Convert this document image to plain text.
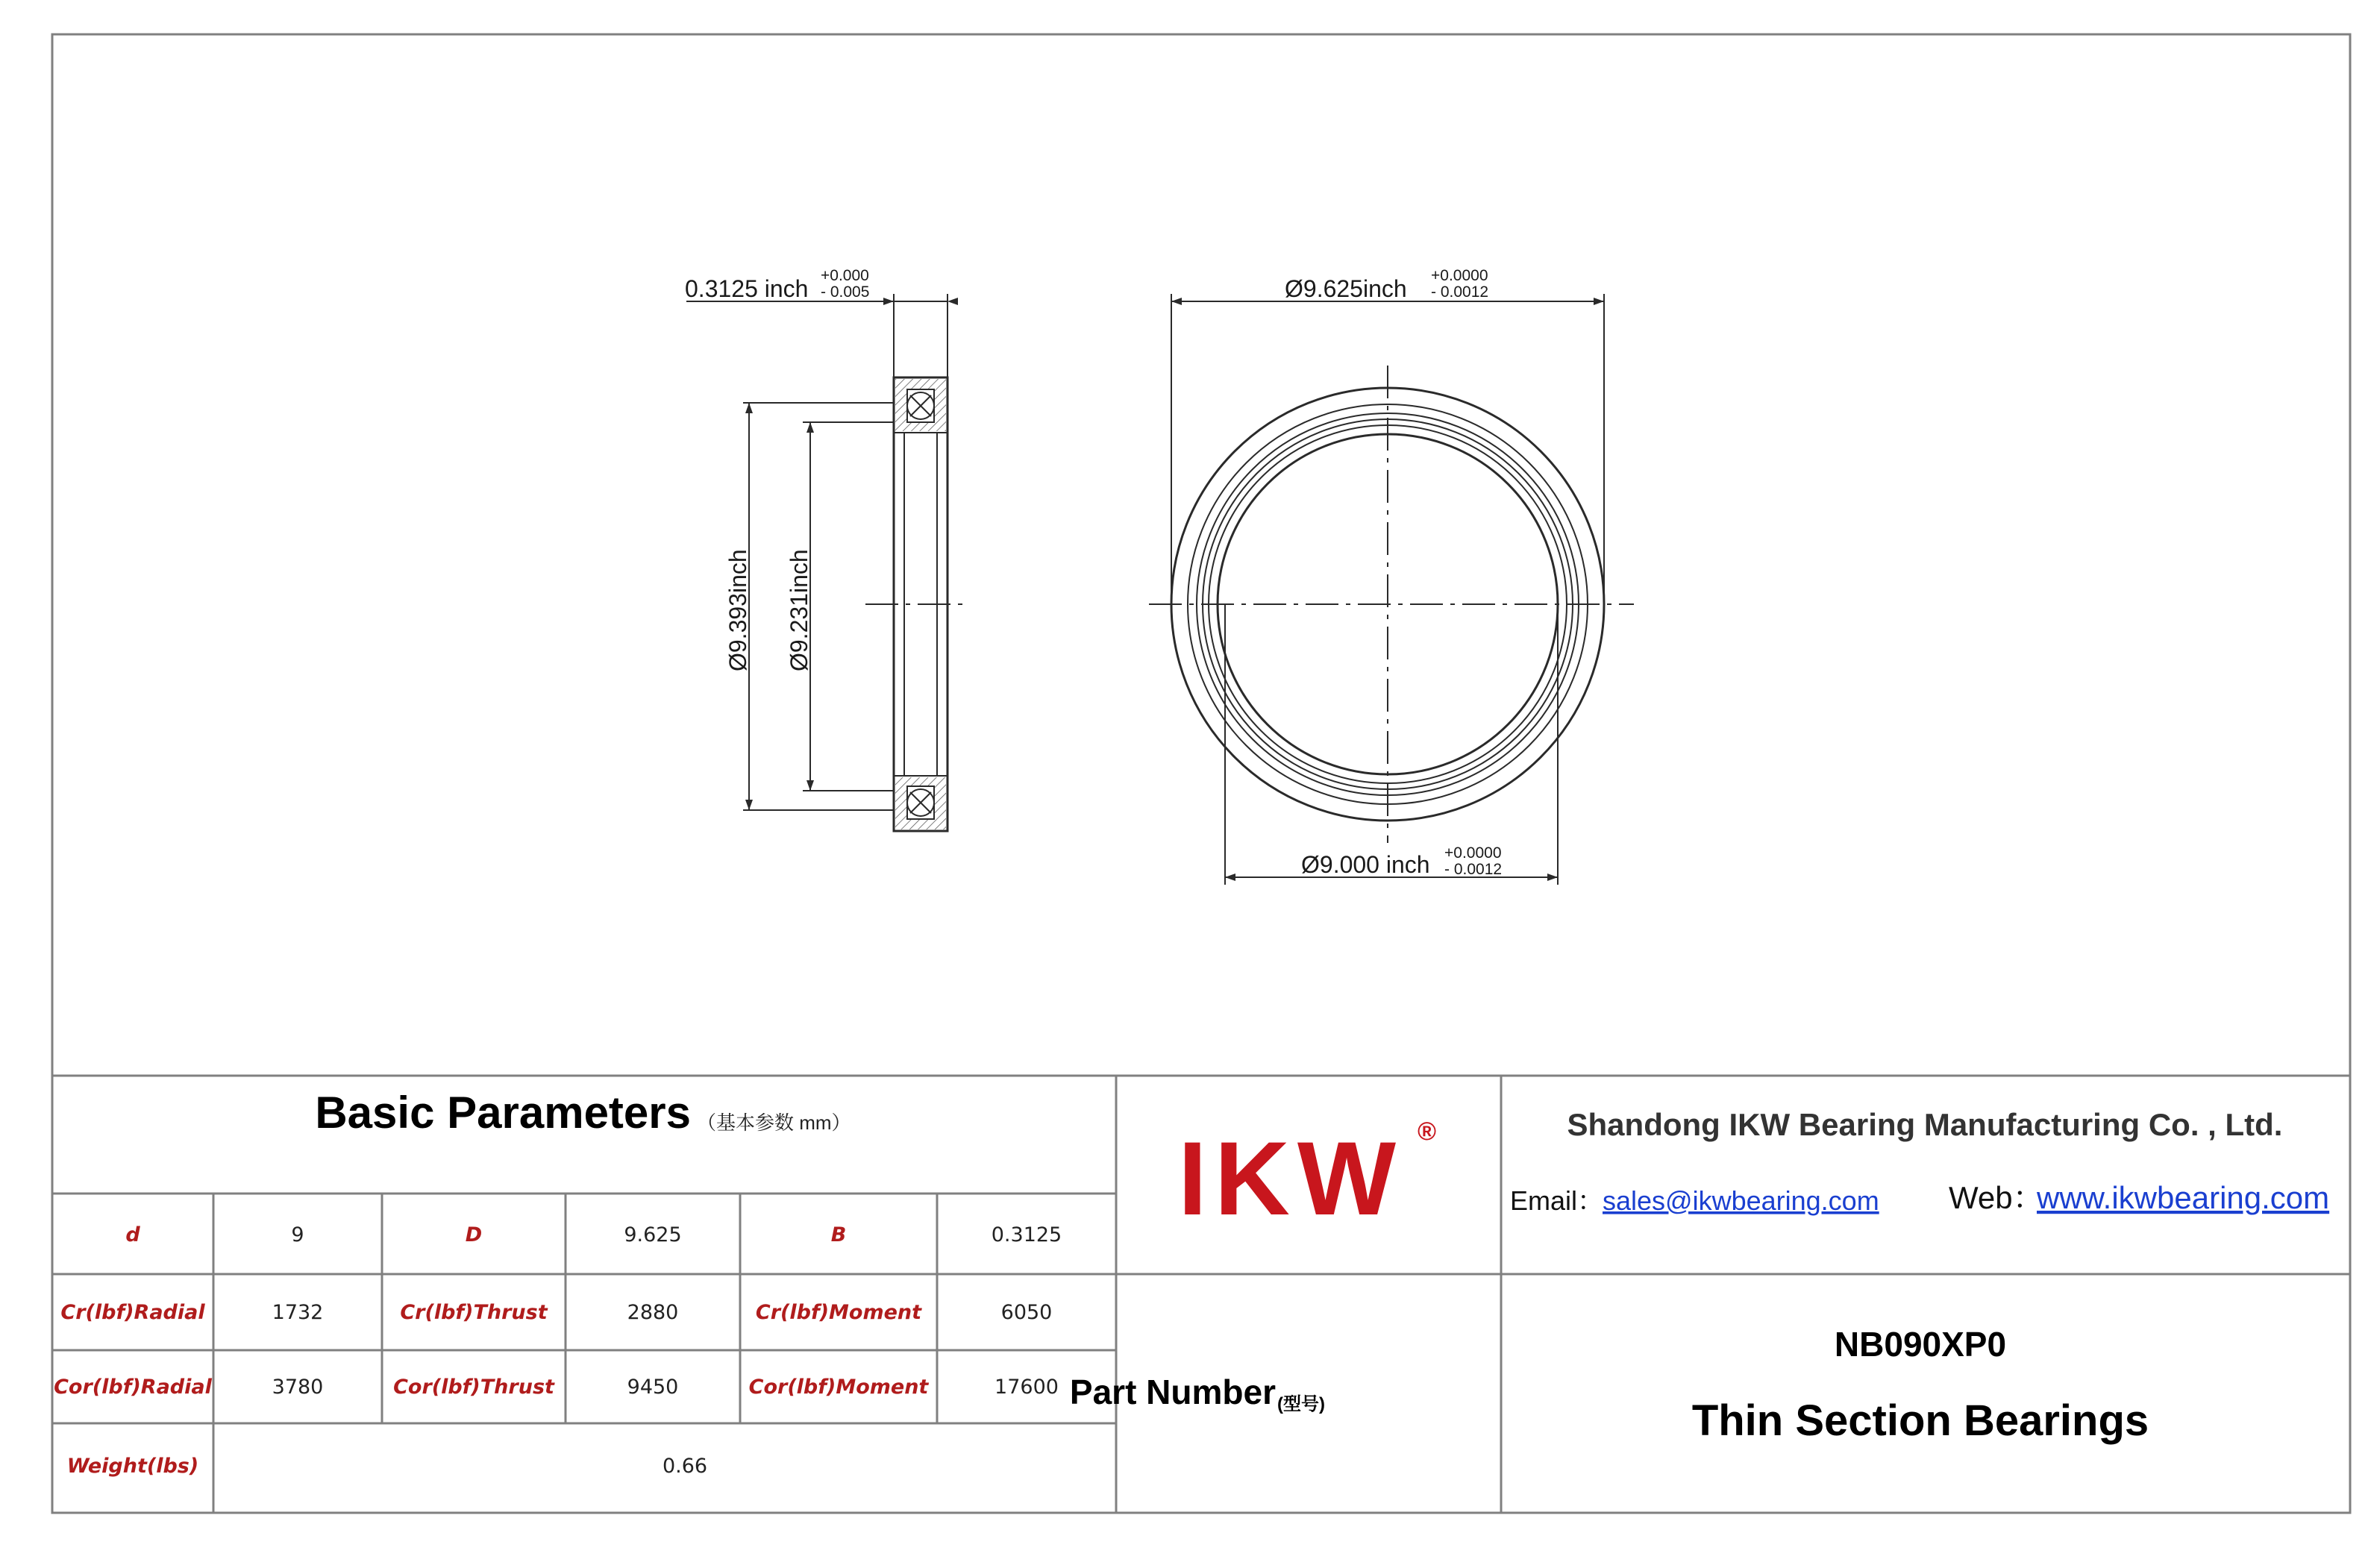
0.3125 inch +0.000
- 0.005
Ø9.393inch Ø9.231inch
Ø9.625inch +0.0000
- 0.0012
Ø9.000 inch +0.0000
- 0.0012
Basic Parameters （基本参数 mm）
d	9	D	9.625	B	0.3125
Cr(lbf)Radial	1732	Cr(lbf)Thrust	2880	Cr(lbf)Moment	6050
Cor(lbf)Radial	3780	Cor(lbf)Thrust	9450	Cor(lbf)Moment	17600
Weight(lbs)	0.66
IKW ®
Part Number (型号)
Shandong IKW Bearing Manufacturing Co. , Ltd.
Email：
sales@ikwbearing.com Web：
www.ikwbearing.com
NB090XP0
Thin Section Bearings
